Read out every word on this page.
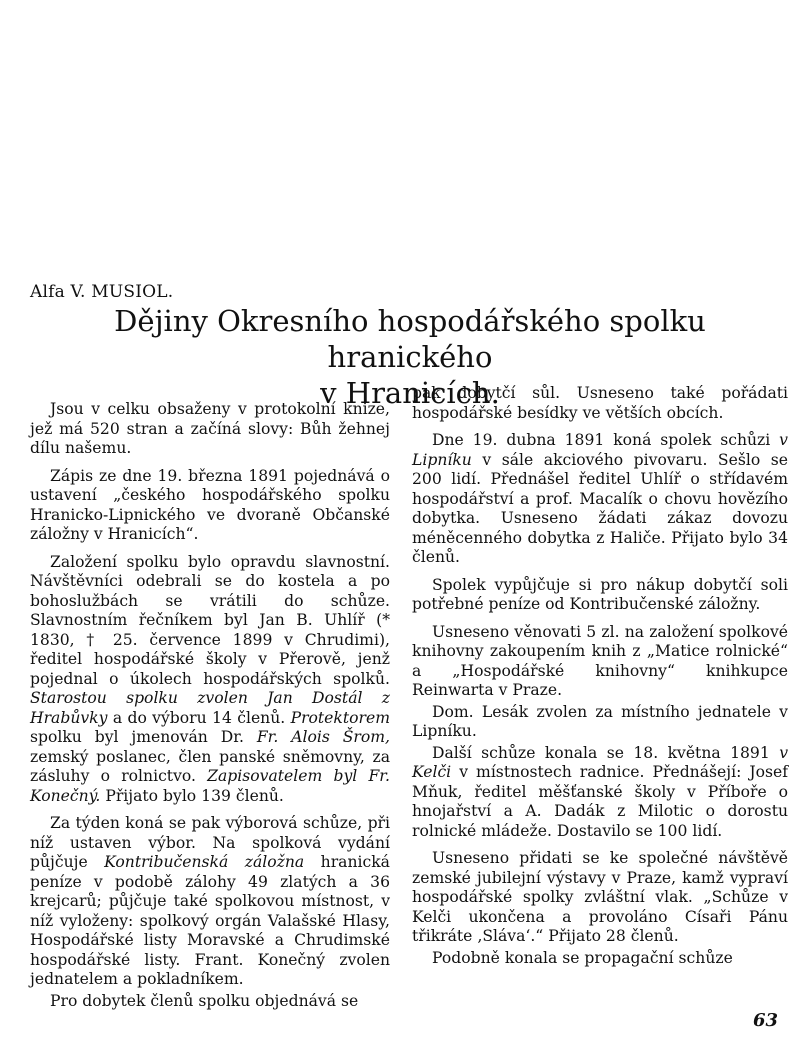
Alfa V. MUSIOL.
Dějiny Okresního hospodářského spolku hranického
v Hranicích.

Jsou v celku obsaženy v protokolní knize, jež má 520 stran a začíná slovy: Bůh žehnej dílu našemu.

Zápis ze dne 19. března 1891 pojednává o ustavení „českého hospodářského spolku Hranicko-Lipnického ve dvoraně Občanské záložny v Hranicích“.

Založení spolku bylo opravdu slavnostní. Návštěvníci odebrali se do kostela a po bohoslužbách se vrátili do schůze. Slavnostním řečníkem byl Jan B. Uhlíř (* 1830, † 25. července 1899 v Chrudimi), ředitel hospodářské školy v Přerově, jenž pojednal o úkolech hospodářských spolků. Starostou spolku zvolen Jan Dostál z Hrabůvky a do výboru 14 členů. Protektorem spolku byl jmenován Dr. Fr. Alois Šrom, zemský poslanec, člen panské sněmovny, za zásluhy o rolnictvo. Zapisovatelem byl Fr. Konečný. Přijato bylo 139 členů.

Za týden koná se pak výborová schůze, při níž ustaven výbor. Na spolková vydání půjčuje Kontribučenská záložna hranická peníze v podobě zálohy 49 zlatých a 36 krejcarů; půjčuje také spolkovou místnost, v níž vyloženy: spolkový orgán Valašské Hlasy, Hospodářské listy Moravské a Chrudimské hospodářské listy. Frant. Konečný zvolen jednatelem a pokladníkem.

Pro dobytek členů spolku objednává se

pak dobytčí sůl. Usneseno také pořádati hospodářské besídky ve větších obcích.

Dne 19. dubna 1891 koná spolek schůzi v Lipníku v sále akciového pivovaru. Sešlo se 200 lidí. Přednášel ředitel Uhlíř o střídavém hospodářství a prof. Macalík o chovu hovězího dobytka. Usneseno žádati zákaz dovozu méněcenného dobytka z Haliče. Přijato bylo 34 členů.

Spolek vypůjčuje si pro nákup dobytčí soli potřebné peníze od Kontribučenské záložny.

Usneseno věnovati 5 zl. na založení spolkové knihovny zakoupením knih z „Matice rolnické“ a „Hospodářské knihovny“ knihkupce Reinwarta v Praze.

Dom. Lesák zvolen za místního jednatele v Lipníku.

Další schůze konala se 18. května 1891 v Kelči v místnostech radnice. Přednášejí: Josef Mňuk, ředitel měšťanské školy v Příboře o hnojařství a A. Dadák z Milotic o dorostu rolnické mládeže. Dostavilo se 100 lidí.

Usneseno přidati se ke společné návštěvě zemské jubilejní výstavy v Praze, kamž vypraví hospodářské spolky zvláštní vlak. „Schůze v Kelči ukončena a provoláno Císaři Pánu třikráte ‚Sláva‘.“ Přijato 28 členů.

Podobně konala se propagační schůze

63
